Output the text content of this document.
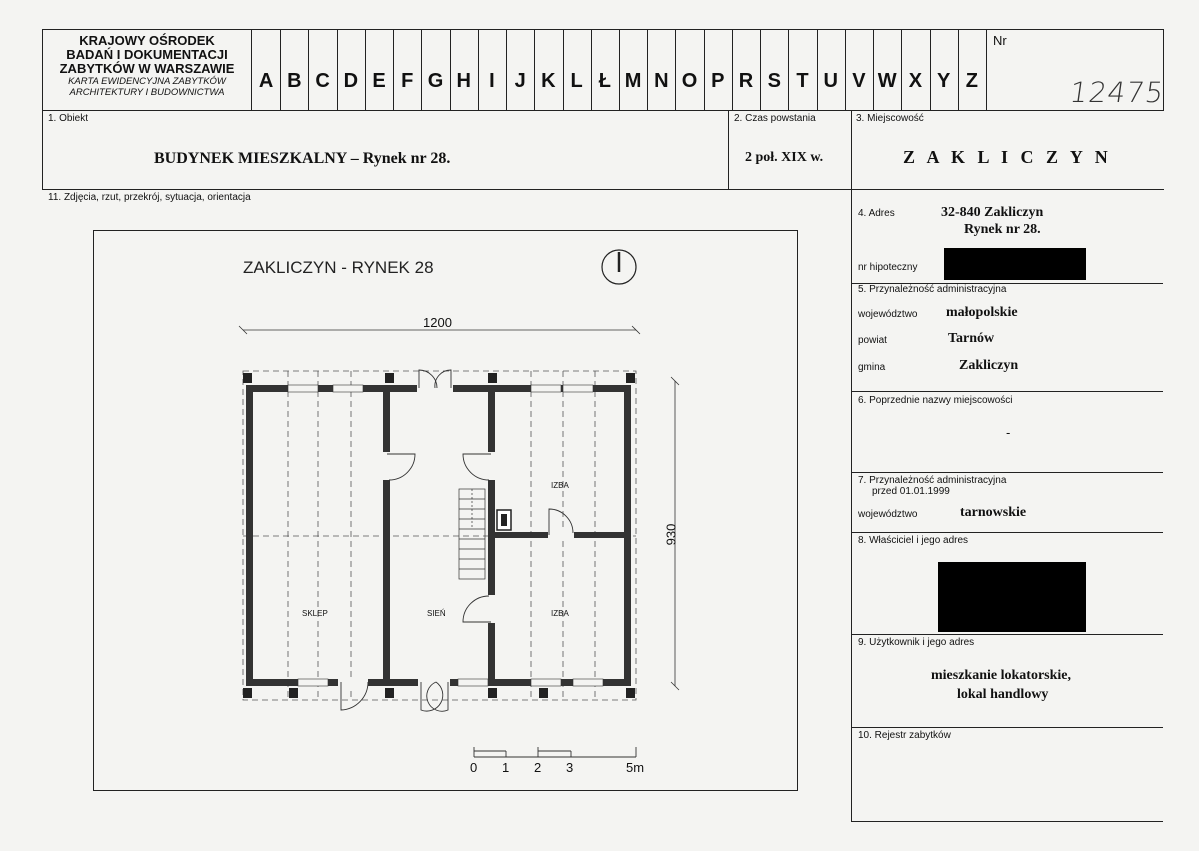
KRAJOWY OŚRODEK
BADAŃ I DOKUMENTACJI
ZABYTKÓW W WARSZAWIE
KARTA EWIDENCYJNA ZABYTKÓW
ARCHITEKTURY I BUDOWNICTWA
A B C D E F G H I J K L Ł M N O P R S T U V W X Y Z
Nr
12475
1. Obiekt
BUDYNEK MIESZKALNY – Rynek nr 28.
2. Czas powstania
2 poł. XIX w.
3. Miejscowość
Z A K L I C Z Y N
11. Zdjęcia, rzut, przekrój, sytuacja, orientacja
ZAKLICZYN - RYNEK 28
1200
930
SKLEP	SIEŃ
IZBA
IZBA
0 1 2 3	5m
4. Adres	32-840 Zakliczyn
Rynek nr 28.
nr hipoteczny
5. Przynależność administracyjna
województwo małopolskie
powiat	Tarnów
gmina	Zakliczyn
6. Poprzednie nazwy miejscowości
-
7. Przynależność administracyjna
przed 01.01.1999
województwo	tarnowskie
8. Właściciel i jego adres
9. Użytkownik i jego adres
mieszkanie lokatorskie,
lokal handlowy
10. Rejestr zabytków
